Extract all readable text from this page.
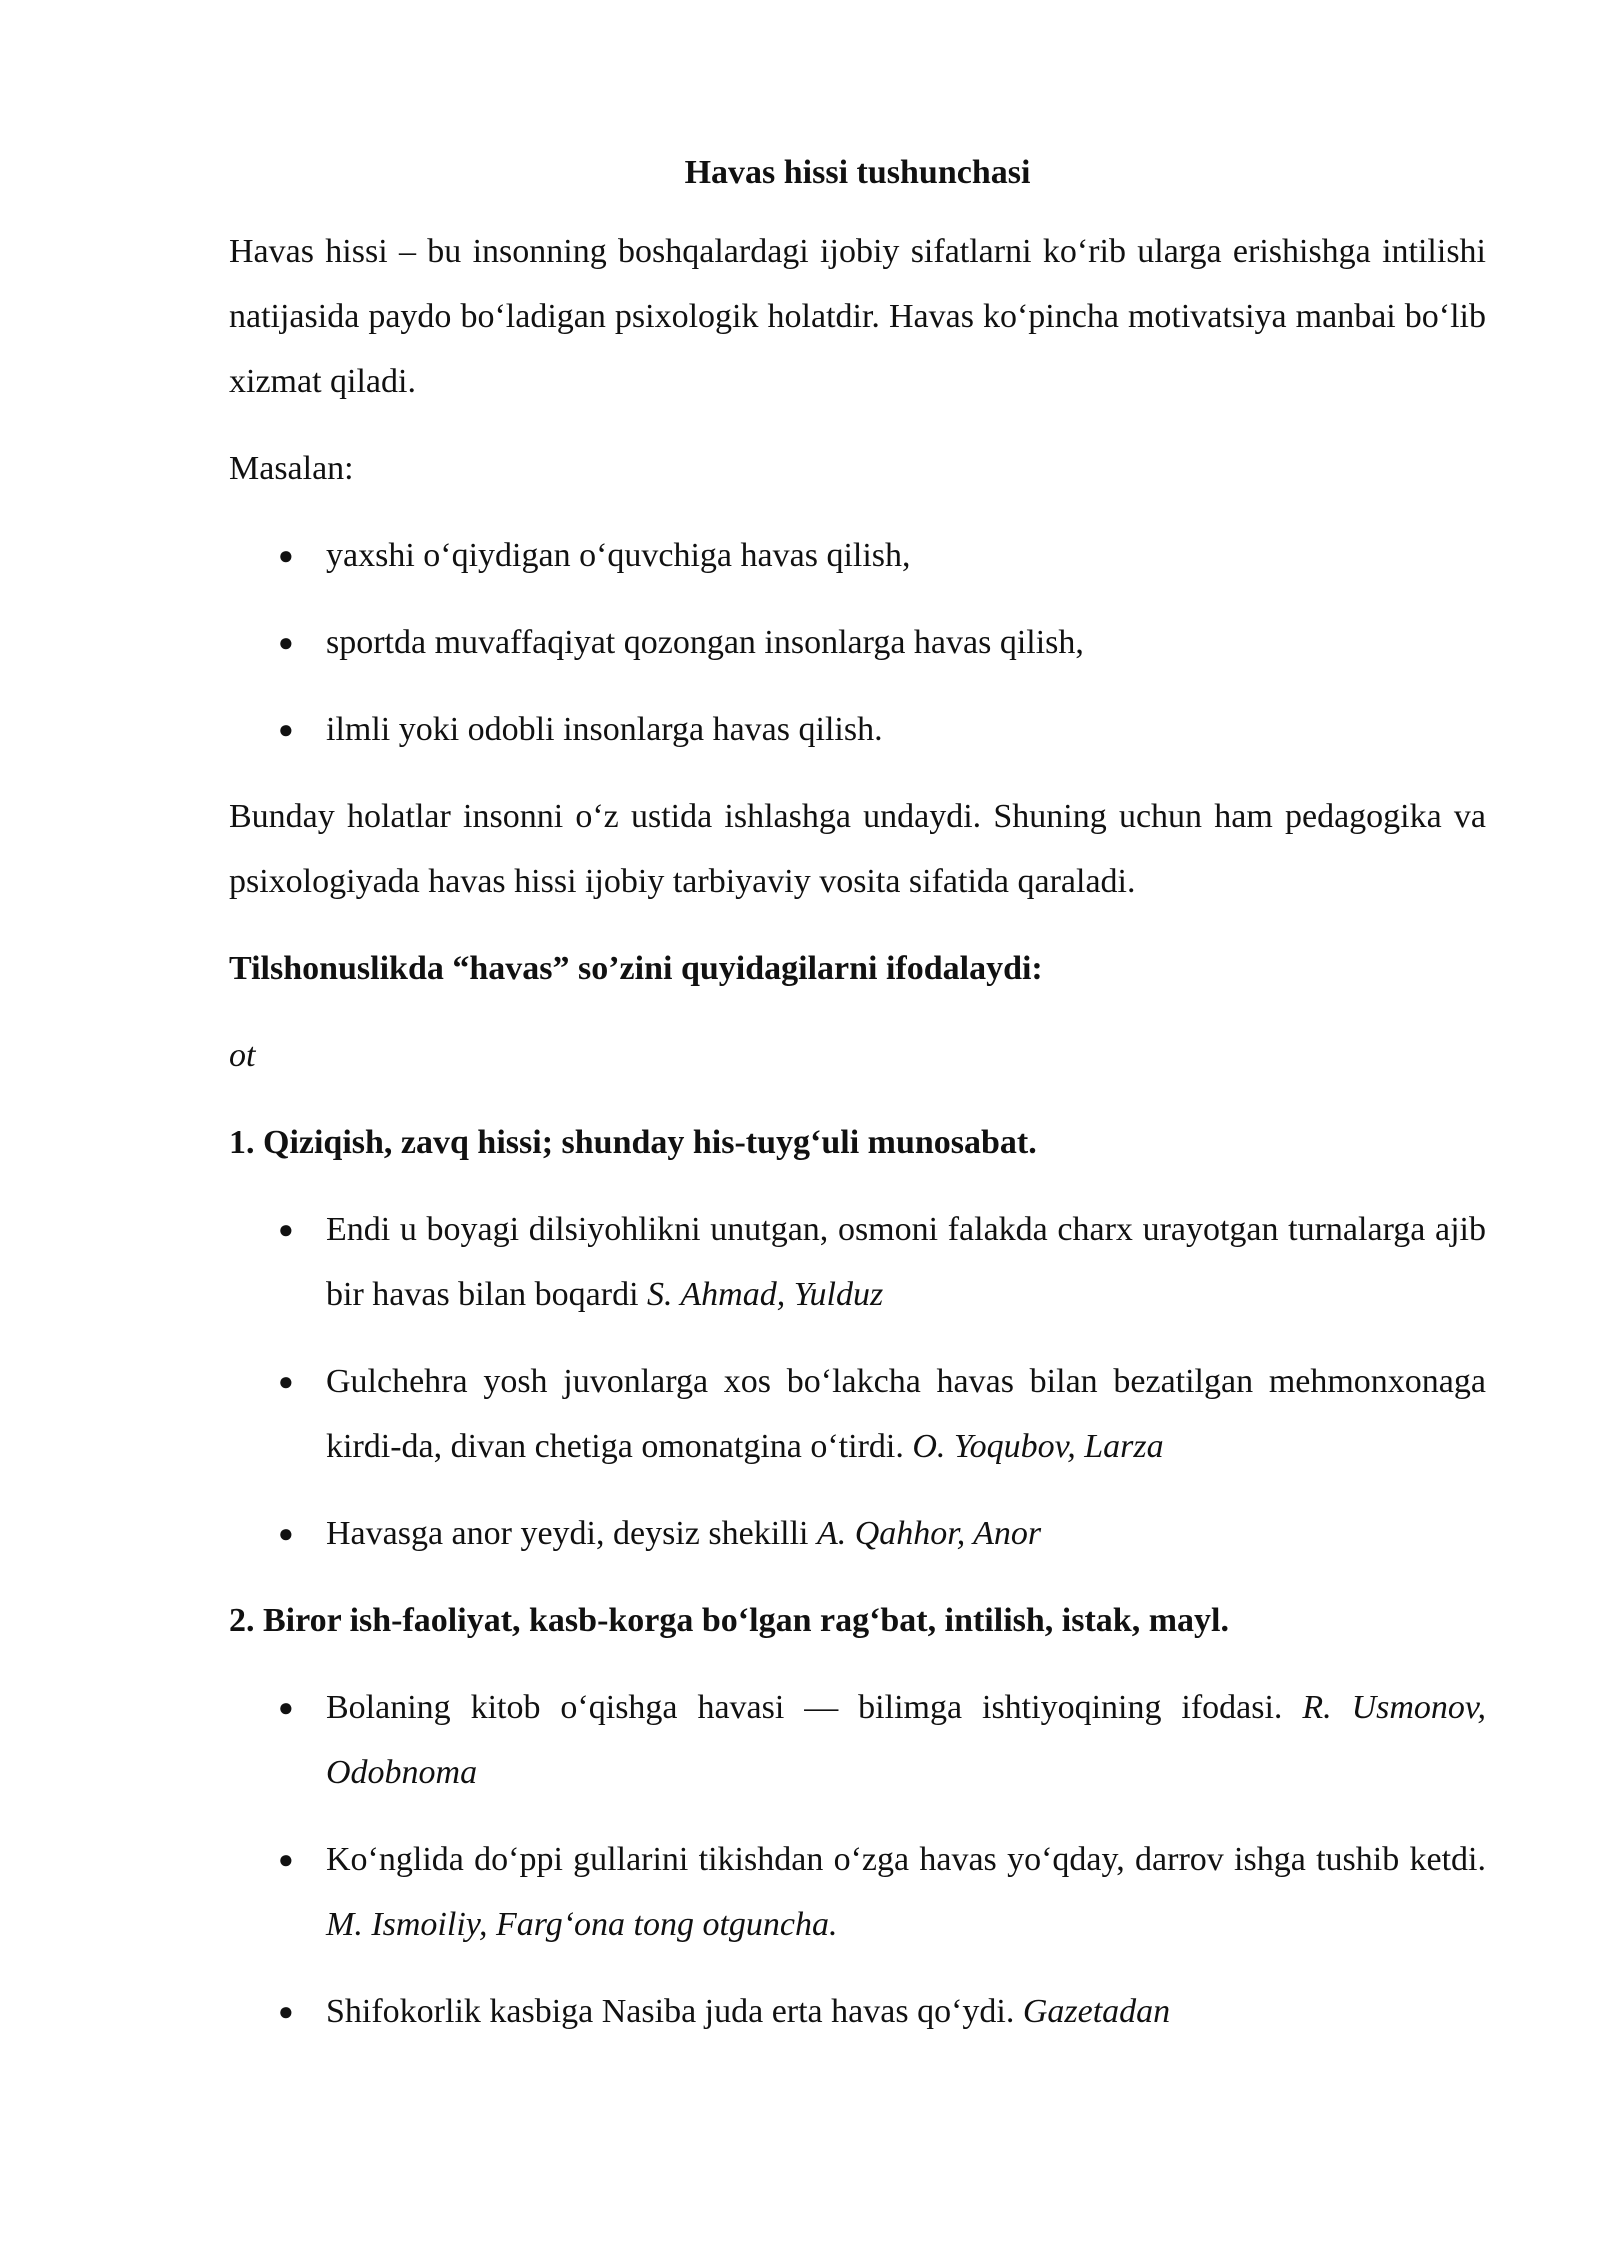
Havas hissi tushunchasi

Havas hissi – bu insonning boshqalardagi ijobiy sifatlarni ko‘rib ularga erishishga intilishi natijasida paydo bo‘ladigan psixologik holatdir. Havas ko‘pincha motivatsiya manbai bo‘lib xizmat qiladi.

Masalan:

● yaxshi o‘qiydigan o‘quvchiga havas qilish,
● sportda muvaffaqiyat qozongan insonlarga havas qilish,
● ilmli yoki odobli insonlarga havas qilish.

Bunday holatlar insonni o‘z ustida ishlashga undaydi. Shuning uchun ham pedagogika va psixologiyada havas hissi ijobiy tarbiyaviy vosita sifatida qaraladi.

Tilshonuslikda “havas” so’zini quyidagilarni ifodalaydi:

ot

1. Qiziqish, zavq hissi; shunday his-tuyg‘uli munosabat.

● Endi u boyagi dilsiyohlikni unutgan, osmoni falakda charx urayotgan turnalarga ajib bir havas bilan boqardi S. Ahmad, Yulduz
● Gulchehra yosh juvonlarga xos bo‘lakcha havas bilan bezatilgan mehmonxonaga kirdi-da, divan chetiga omonatgina o‘tirdi. O. Yoqubov, Larza
● Havasga anor yeydi, deysiz shekilli A. Qahhor, Anor

2. Biror ish-faoliyat, kasb-korga bo‘lgan rag‘bat, intilish, istak, mayl.

● Bolaning kitob o‘qishga havasi — bilimga ishtiyoqining ifodasi. R. Usmonov, Odobnoma
● Ko‘nglida do‘ppi gullarini tikishdan o‘zga havas yo‘qday, darrov ishga tushib ketdi. M. Ismoiliy, Farg‘ona tong otguncha.
● Shifokorlik kasbiga Nasiba juda erta havas qo‘ydi. Gazetadan
